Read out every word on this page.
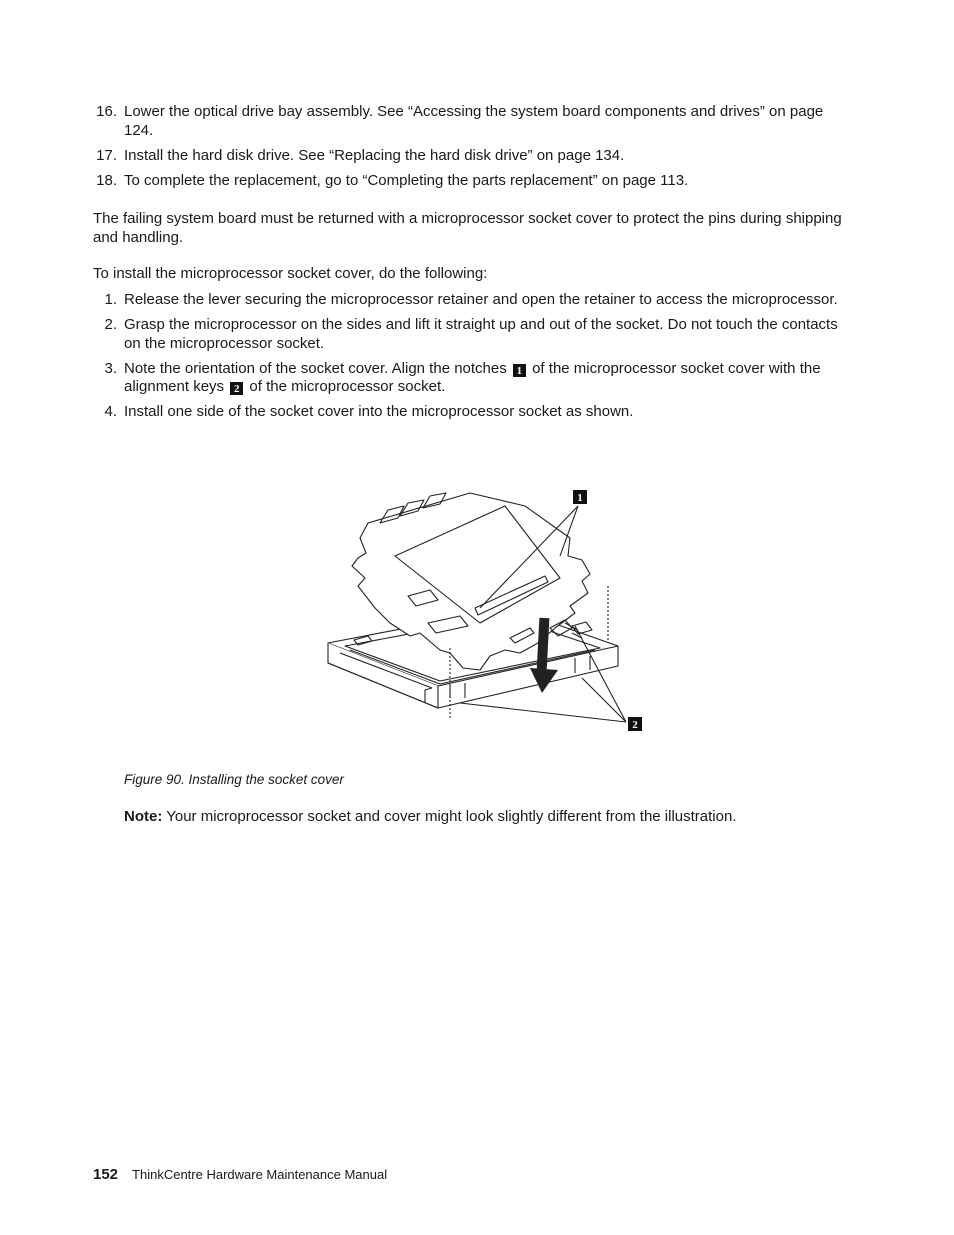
16. Lower the optical drive bay assembly. See “Accessing the system board components and drives” on page 124.
17. Install the hard disk drive. See “Replacing the hard disk drive” on page 134.
18. To complete the replacement, go to “Completing the parts replacement” on page 113.

The failing system board must be returned with a microprocessor socket cover to protect the pins during shipping and handling.

To install the microprocessor socket cover, do the following:

1. Release the lever securing the microprocessor retainer and open the retainer to access the microprocessor.
2. Grasp the microprocessor on the sides and lift it straight up and out of the socket. Do not touch the contacts on the microprocessor socket.
3. Note the orientation of the socket cover. Align the notches 1 of the microprocessor socket cover with the alignment keys 2 of the microprocessor socket.
4. Install one side of the socket cover into the microprocessor socket as shown.
1
2
Figure 90. Installing the socket cover
Note: Your microprocessor socket and cover might look slightly different from the illustration.
152 ThinkCentre Hardware Maintenance Manual
